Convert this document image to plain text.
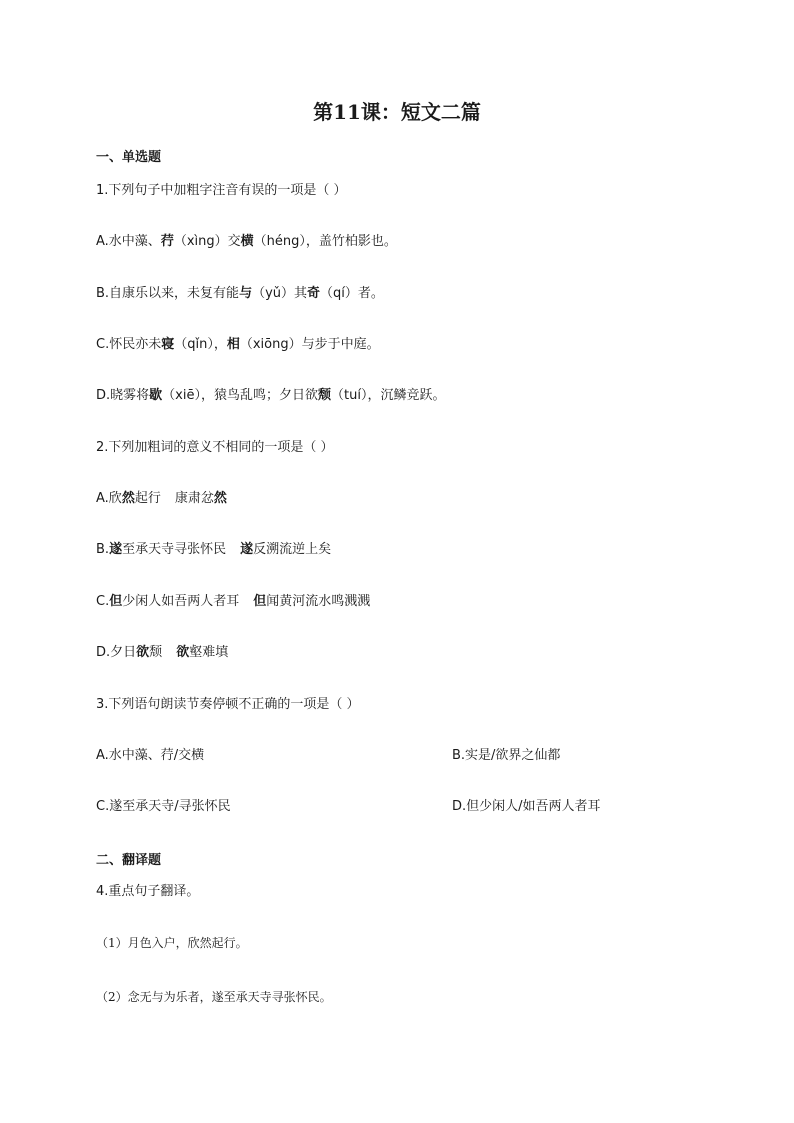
第11课：短文二篇
一、单选题
1.下列句子中加粗字注音有误的一项是（ ）
A.水中藻、荇（xìng）交横（héng），盖竹柏影也。
B.自康乐以来，未复有能与（yǔ）其奇（qí）者。
C.怀民亦未寝（qǐn），相（xiōng）与步于中庭。
D.晓雾将歇（xiē），猿鸟乱鸣；夕日欲颓（tuí），沉鳞竞跃。
2.下列加粗词的意义不相同的一项是（ ）
A.欣然起行 康肃忿然
B.遂至承天寺寻张怀民 遂反溯流逆上矣
C.但少闲人如吾两人者耳 但闻黄河流水鸣溅溅
D.夕日欲颓 欲壑难填
3.下列语句朗读节奏停顿不正确的一项是（ ）
A.水中藻、荇/交横	B.实是/欲界之仙都
C.遂至承天寺/寻张怀民	D.但少闲人/如吾两人者耳
二、翻译题
4.重点句子翻译。
（1）月色入户，欣然起行。
（2）念无与为乐者，遂至承天寺寻张怀民。
